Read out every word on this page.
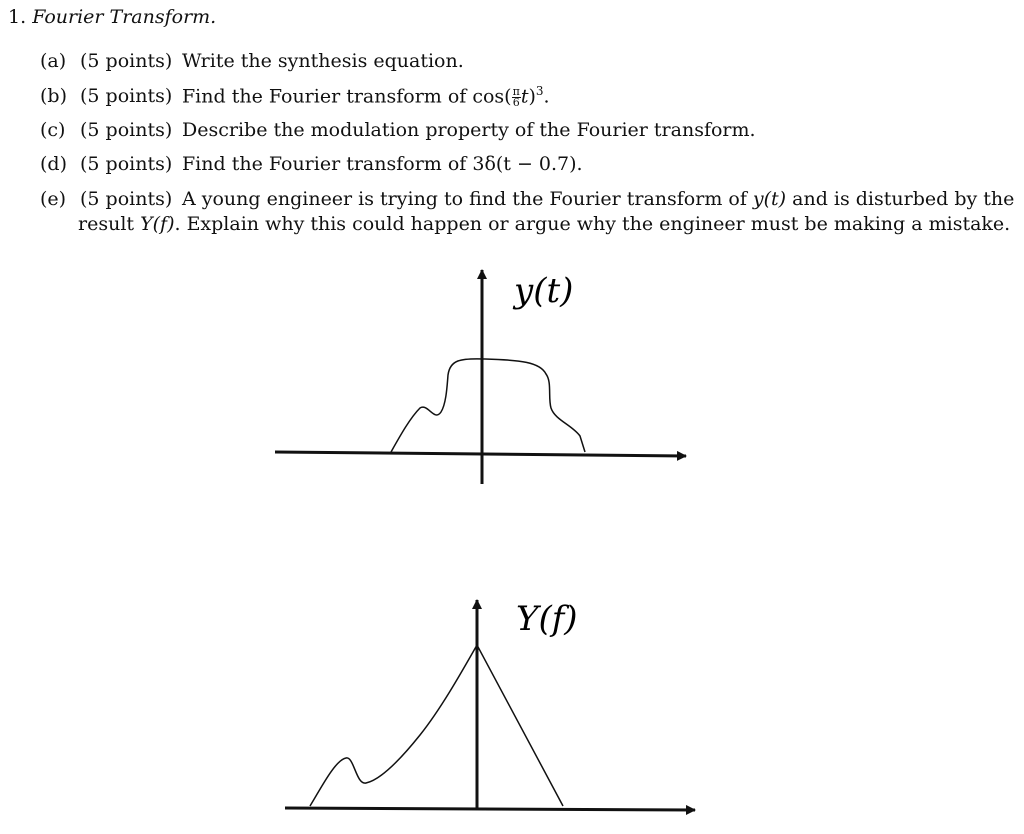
1. Fourier Transform.
(a) (5 points) Write the synthesis equation.
(b) (5 points) Find the Fourier transform of $\cos( \frac{\pi}{6} t)^3$.
(c) (5 points) Describe the modulation property of the Fourier transform.
(d) (5 points) Find the Fourier transform of 3δ(t − 0.7).
(e) (5 points) A young engineer is trying to find the Fourier transform of y(t) and is disturbed by the
result Y(f). Explain why this could happen or argue why the engineer must be making a mistake.
y(t)
Y(f)
